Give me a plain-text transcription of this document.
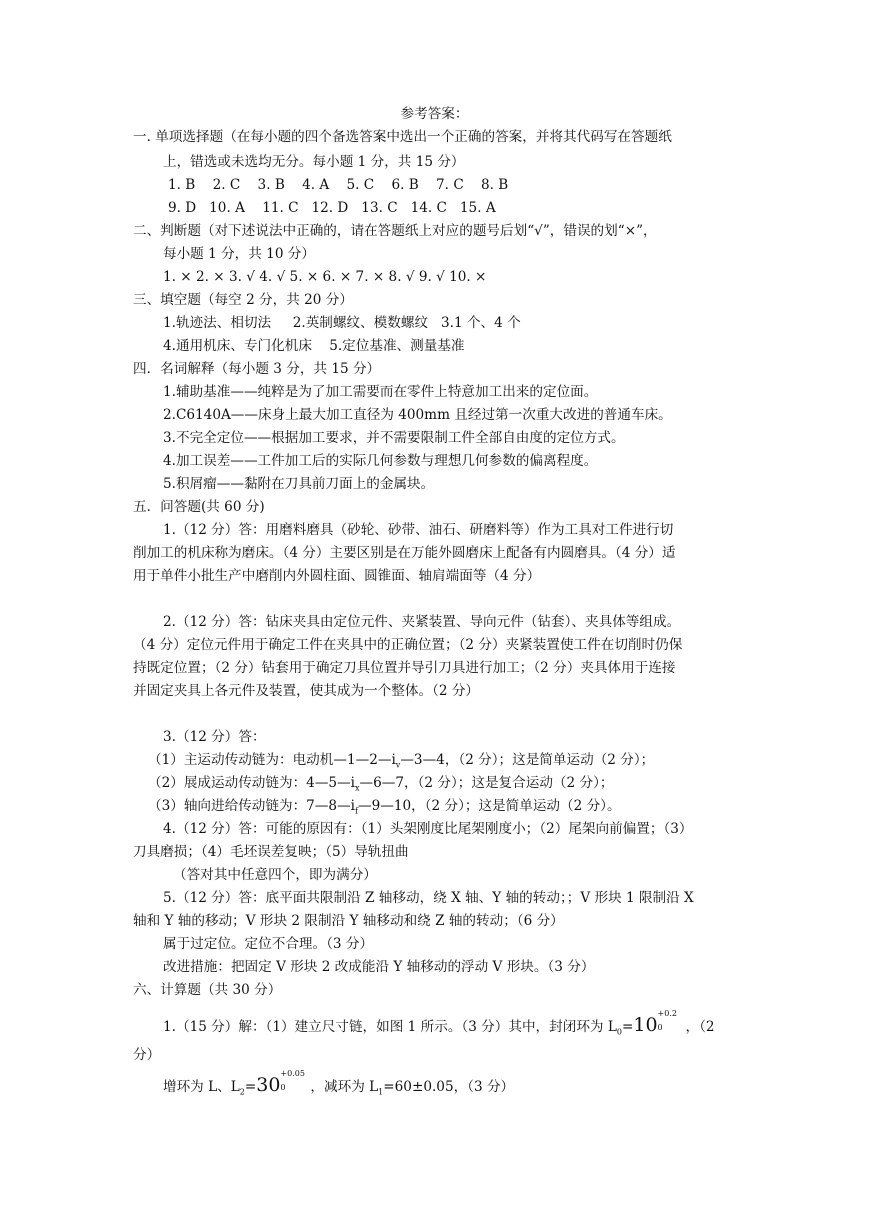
参考答案：
一. 单项选择题（在每小题的四个备选答案中选出一个正确的答案，并将其代码写在答题纸
上，错选或未选均无分。每小题 1 分，共 15 分）
1. B    2. C    3. B    4. A    5. C    6. B    7. C    8. B
9. D   10. A    11. C   12. D   13. C   14. C   15. A
二、判断题（对下述说法中正确的，请在答题纸上对应的题号后划“√”，错误的划“×”，
每小题 1 分，共 10 分）
1. × 2. × 3. √ 4. √ 5. × 6. × 7. × 8. √ 9. √ 10. ×
三、填空题（每空 2 分，共 20 分）
1.轨迹法、相切法     2.英制螺纹、模数螺纹   3.1 个、4 个
4.通用机床、专门化机床    5.定位基准、测量基准
四．名词解释（每小题 3 分，共 15 分）
1.辅助基准——纯粹是为了加工需要而在零件上特意加工出来的定位面。
2.C6140A——床身上最大加工直径为 400mm 且经过第一次重大改进的普通车床。
3.不完全定位——根据加工要求，并不需要限制工件全部自由度的定位方式。
4.加工误差——工件加工后的实际几何参数与理想几何参数的偏离程度。
5.积屑瘤——黏附在刀具前刀面上的金属块。
五．问答题(共 60 分)
1.（12 分）答：用磨料磨具（砂轮、砂带、油石、研磨料等）作为工具对工件进行切
削加工的机床称为磨床。（4 分）主要区别是在万能外圆磨床上配备有内圆磨具。（4 分）适
用于单件小批生产中磨削内外圆柱面、圆锥面、轴肩端面等（4 分）
2.（12 分）答：钻床夹具由定位元件、夹紧装置、导向元件（钻套）、夹具体等组成。
（4 分）定位元件用于确定工件在夹具中的正确位置；（2 分）夹紧装置使工件在切削时仍保
持既定位置；（2 分）钻套用于确定刀具位置并导引刀具进行加工；（2 分）夹具体用于连接
并固定夹具上各元件及装置，使其成为一个整体。（2 分）
3.（12 分）答：
（1）主运动传动链为：电动机$—1—2—i_v—3—4$，（2 分）；这是简单运动（2 分）；
（2）展成运动传动链为：$4—5—i_x—6—7$，（2 分）；这是复合运动（2 分）；
（3）轴向进给传动链为：$7—8—i_f—9—10$，（2 分）；这是简单运动（2 分）。
4.（12 分）答：可能的原因有：（1）头架刚度比尾架刚度小；（2）尾架向前偏置；（3）
刀具磨损；（4）毛坯误差复映；（5）导轨扭曲
（答对其中任意四个，即为满分）
5.（12 分）答：底平面共限制沿 Z 轴移动，绕 X 轴、Y 轴的转动；；V 形块 1 限制沿 X
轴和 Y 轴的移动；V 形块 2 限制沿 Y 轴移动和绕 Z 轴的转动；（6 分）
属于过定位。定位不合理。（3 分）
改进措施：把固定 V 形块 2 改成能沿 Y 轴移动的浮动 V 形块。（3 分）
六、计算题（共 30 分）
1.（15 分）解：（1）建立尺寸链，如图 1 所示。（3 分）其中，封闭环为 $L_0=10$
+0.2
0 ，（2
分）
增环为 L、$L_2=30$
+0.05
0 ，减环为 $L_1=60\pm 0.05$，（3 分）
